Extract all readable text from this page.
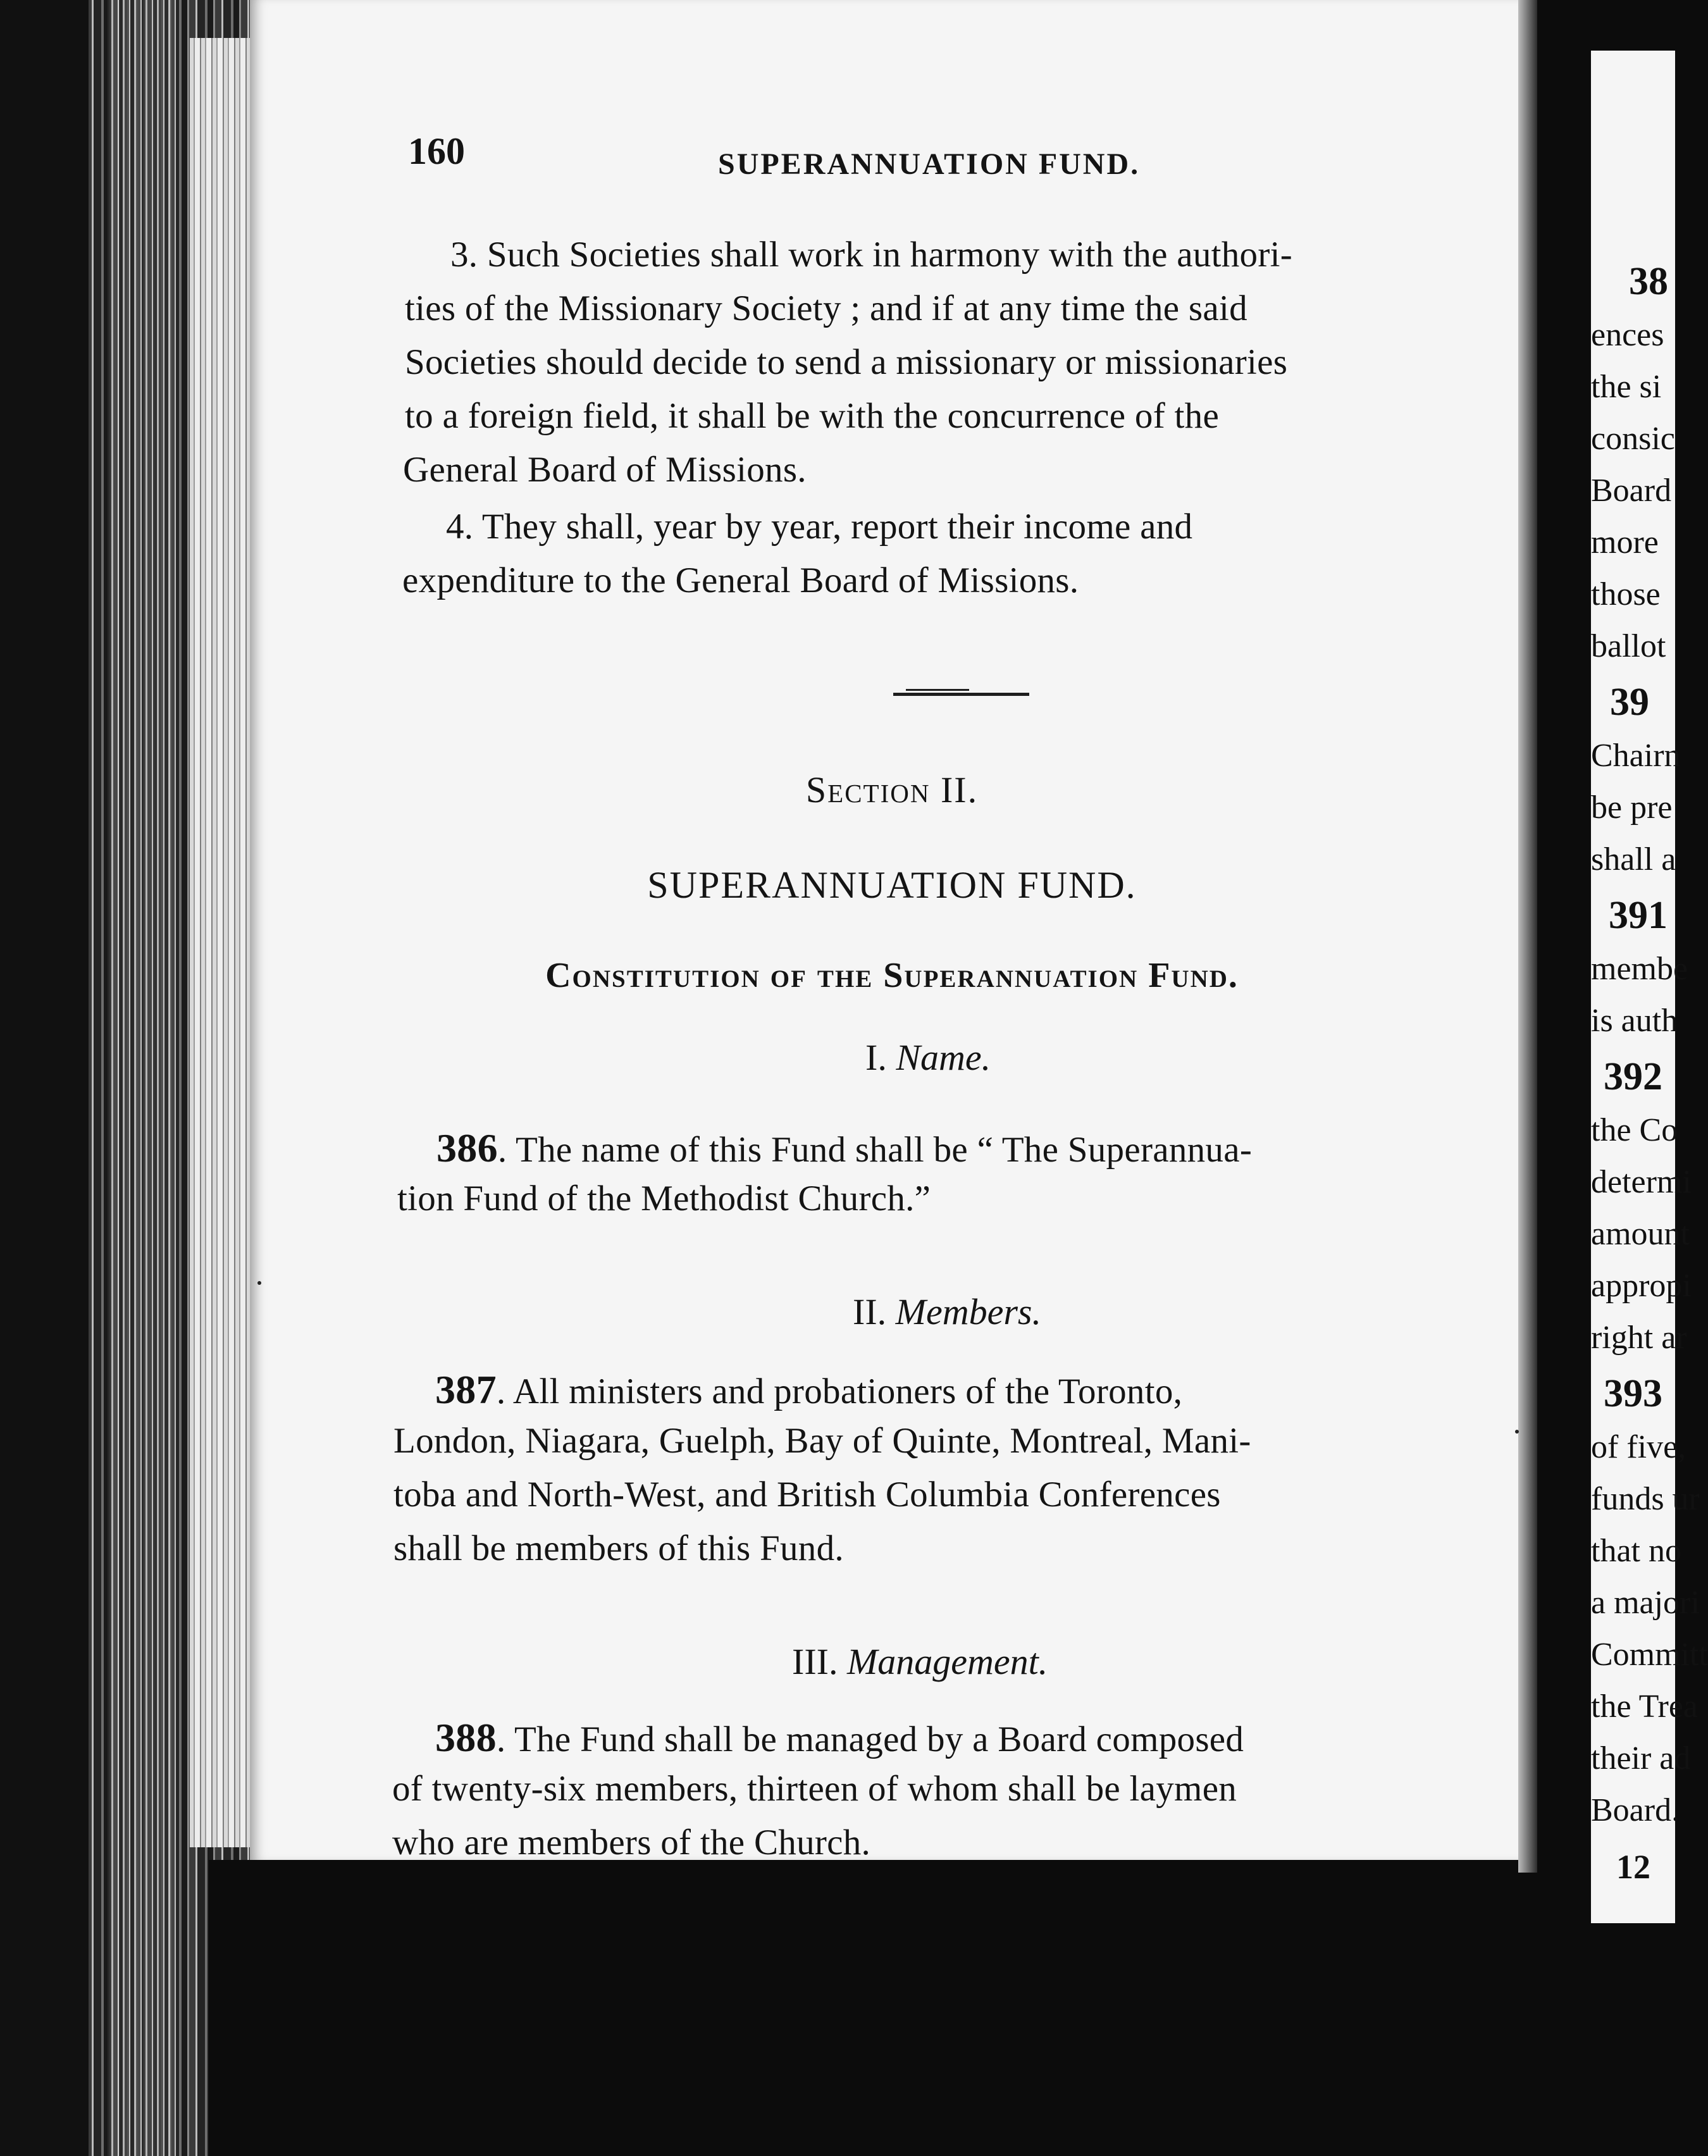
160	SUPERANNUATION FUND.
3. Such Societies shall work in harmony with the authori-
ties of the Missionary Society ; and if at any time the said
Societies should decide to send a missionary or missionaries
to a foreign field, it shall be with the concurrence of the
General Board of Missions.
4. They shall, year by year, report their income and
expenditure to the General Board of Missions.
Section II.
SUPERANNUATION FUND.
Constitution of the Superannuation Fund.
I. Name.
386. The name of this Fund shall be “ The Superannua-
tion Fund of the Methodist Church.”
II. Members.
387. All ministers and probationers of the Toronto,
London, Niagara, Guelph, Bay of Quinte, Montreal, Mani-
toba and North-West, and British Columbia Conferences
shall be members of this Fund.
III. Management.
388. The Fund shall be managed by a Board composed
of twenty-six members, thirteen of whom shall be laymen
who are members of the Church.
38
ences
the si
consic
Board
more
those
ballot
39
Chairn
be pre
shall a
391
membe
is auth
392
the Co
determi
amount
appropi
right ar
393
of five,
funds ur
that no
a majori
Committ
the Trea
their ad
Board.
12
